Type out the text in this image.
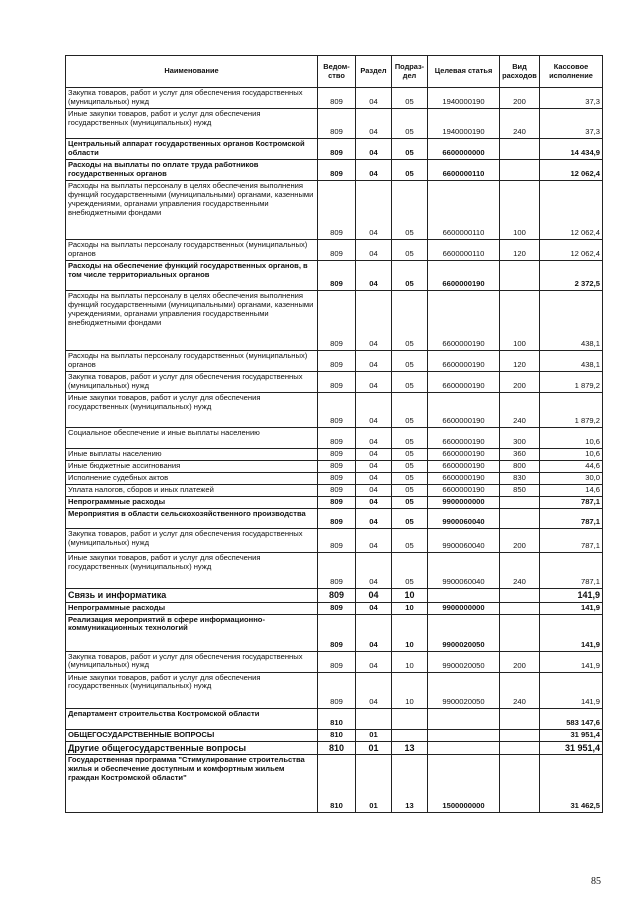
Наименование	Ведом-ство	Раздел	Подраз-дел	Целевая статья	Вид расходов	Кассовое исполнение
Закупка товаров, работ и услуг для обеспечения государственных (муниципальных) нужд	809	04	05	1940000190	200	37,3
Иные закупки товаров, работ и услуг для обеспечения государственных (муниципальных) нужд	809	04	05	1940000190	240	37,3
Центральный аппарат государственных органов Костромской области	809	04	05	6600000000		14 434,9
Расходы на выплаты по оплате труда работников государственных органов	809	04	05	6600000110		12 062,4
Расходы на выплаты персоналу в целях обеспечения выполнения функций государственными (муниципальными) органами, казенными учреждениями, органами управления государственными внебюджетными фондами	809	04	05	6600000110	100	12 062,4
Расходы на выплаты персоналу государственных (муниципальных) органов	809	04	05	6600000110	120	12 062,4
Расходы на обеспечение функций государственных органов, в том числе территориальных органов	809	04	05	6600000190		2 372,5
Расходы на выплаты персоналу в целях обеспечения выполнения функций государственными (муниципальными) органами, казенными учреждениями, органами управления государственными внебюджетными фондами	809	04	05	6600000190	100	438,1
Расходы на выплаты персоналу государственных (муниципальных) органов	809	04	05	6600000190	120	438,1
Закупка товаров, работ и услуг для обеспечения государственных (муниципальных) нужд	809	04	05	6600000190	200	1 879,2
Иные закупки товаров, работ и услуг для обеспечения государственных (муниципальных) нужд	809	04	05	6600000190	240	1 879,2
Социальное обеспечение и иные выплаты населению	809	04	05	6600000190	300	10,6
Иные выплаты населению	809	04	05	6600000190	360	10,6
Иные бюджетные ассигнования	809	04	05	6600000190	800	44,6
Исполнение судебных актов	809	04	05	6600000190	830	30,0
Уплата налогов, сборов и иных платежей	809	04	05	6600000190	850	14,6
Непрограммные расходы	809	04	05	9900000000		787,1
Мероприятия в области сельскохозяйственного производства	809	04	05	9900060040		787,1
Закупка товаров, работ и услуг для обеспечения государственных (муниципальных) нужд	809	04	05	9900060040	200	787,1
Иные закупки товаров, работ и услуг для обеспечения государственных (муниципальных) нужд	809	04	05	9900060040	240	787,1
Связь и информатика	809	04	10			141,9
Непрограммные расходы	809	04	10	9900000000		141,9
Реализация мероприятий в сфере информационно-коммуникационных технологий	809	04	10	9900020050		141,9
Закупка товаров, работ и услуг для обеспечения государственных (муниципальных) нужд	809	04	10	9900020050	200	141,9
Иные закупки товаров, работ и услуг для обеспечения государственных (муниципальных) нужд	809	04	10	9900020050	240	141,9
Департамент строительства Костромской области	810					583 147,6
ОБЩЕГОСУДАРСТВЕННЫЕ ВОПРОСЫ	810	01				31 951,4
Другие общегосударственные вопросы	810	01	13			31 951,4
Государственная программа "Стимулирование строительства жилья и обеспечение доступным и комфортным жильем граждан Костромской области"	810	01	13	1500000000		31 462,5
85
